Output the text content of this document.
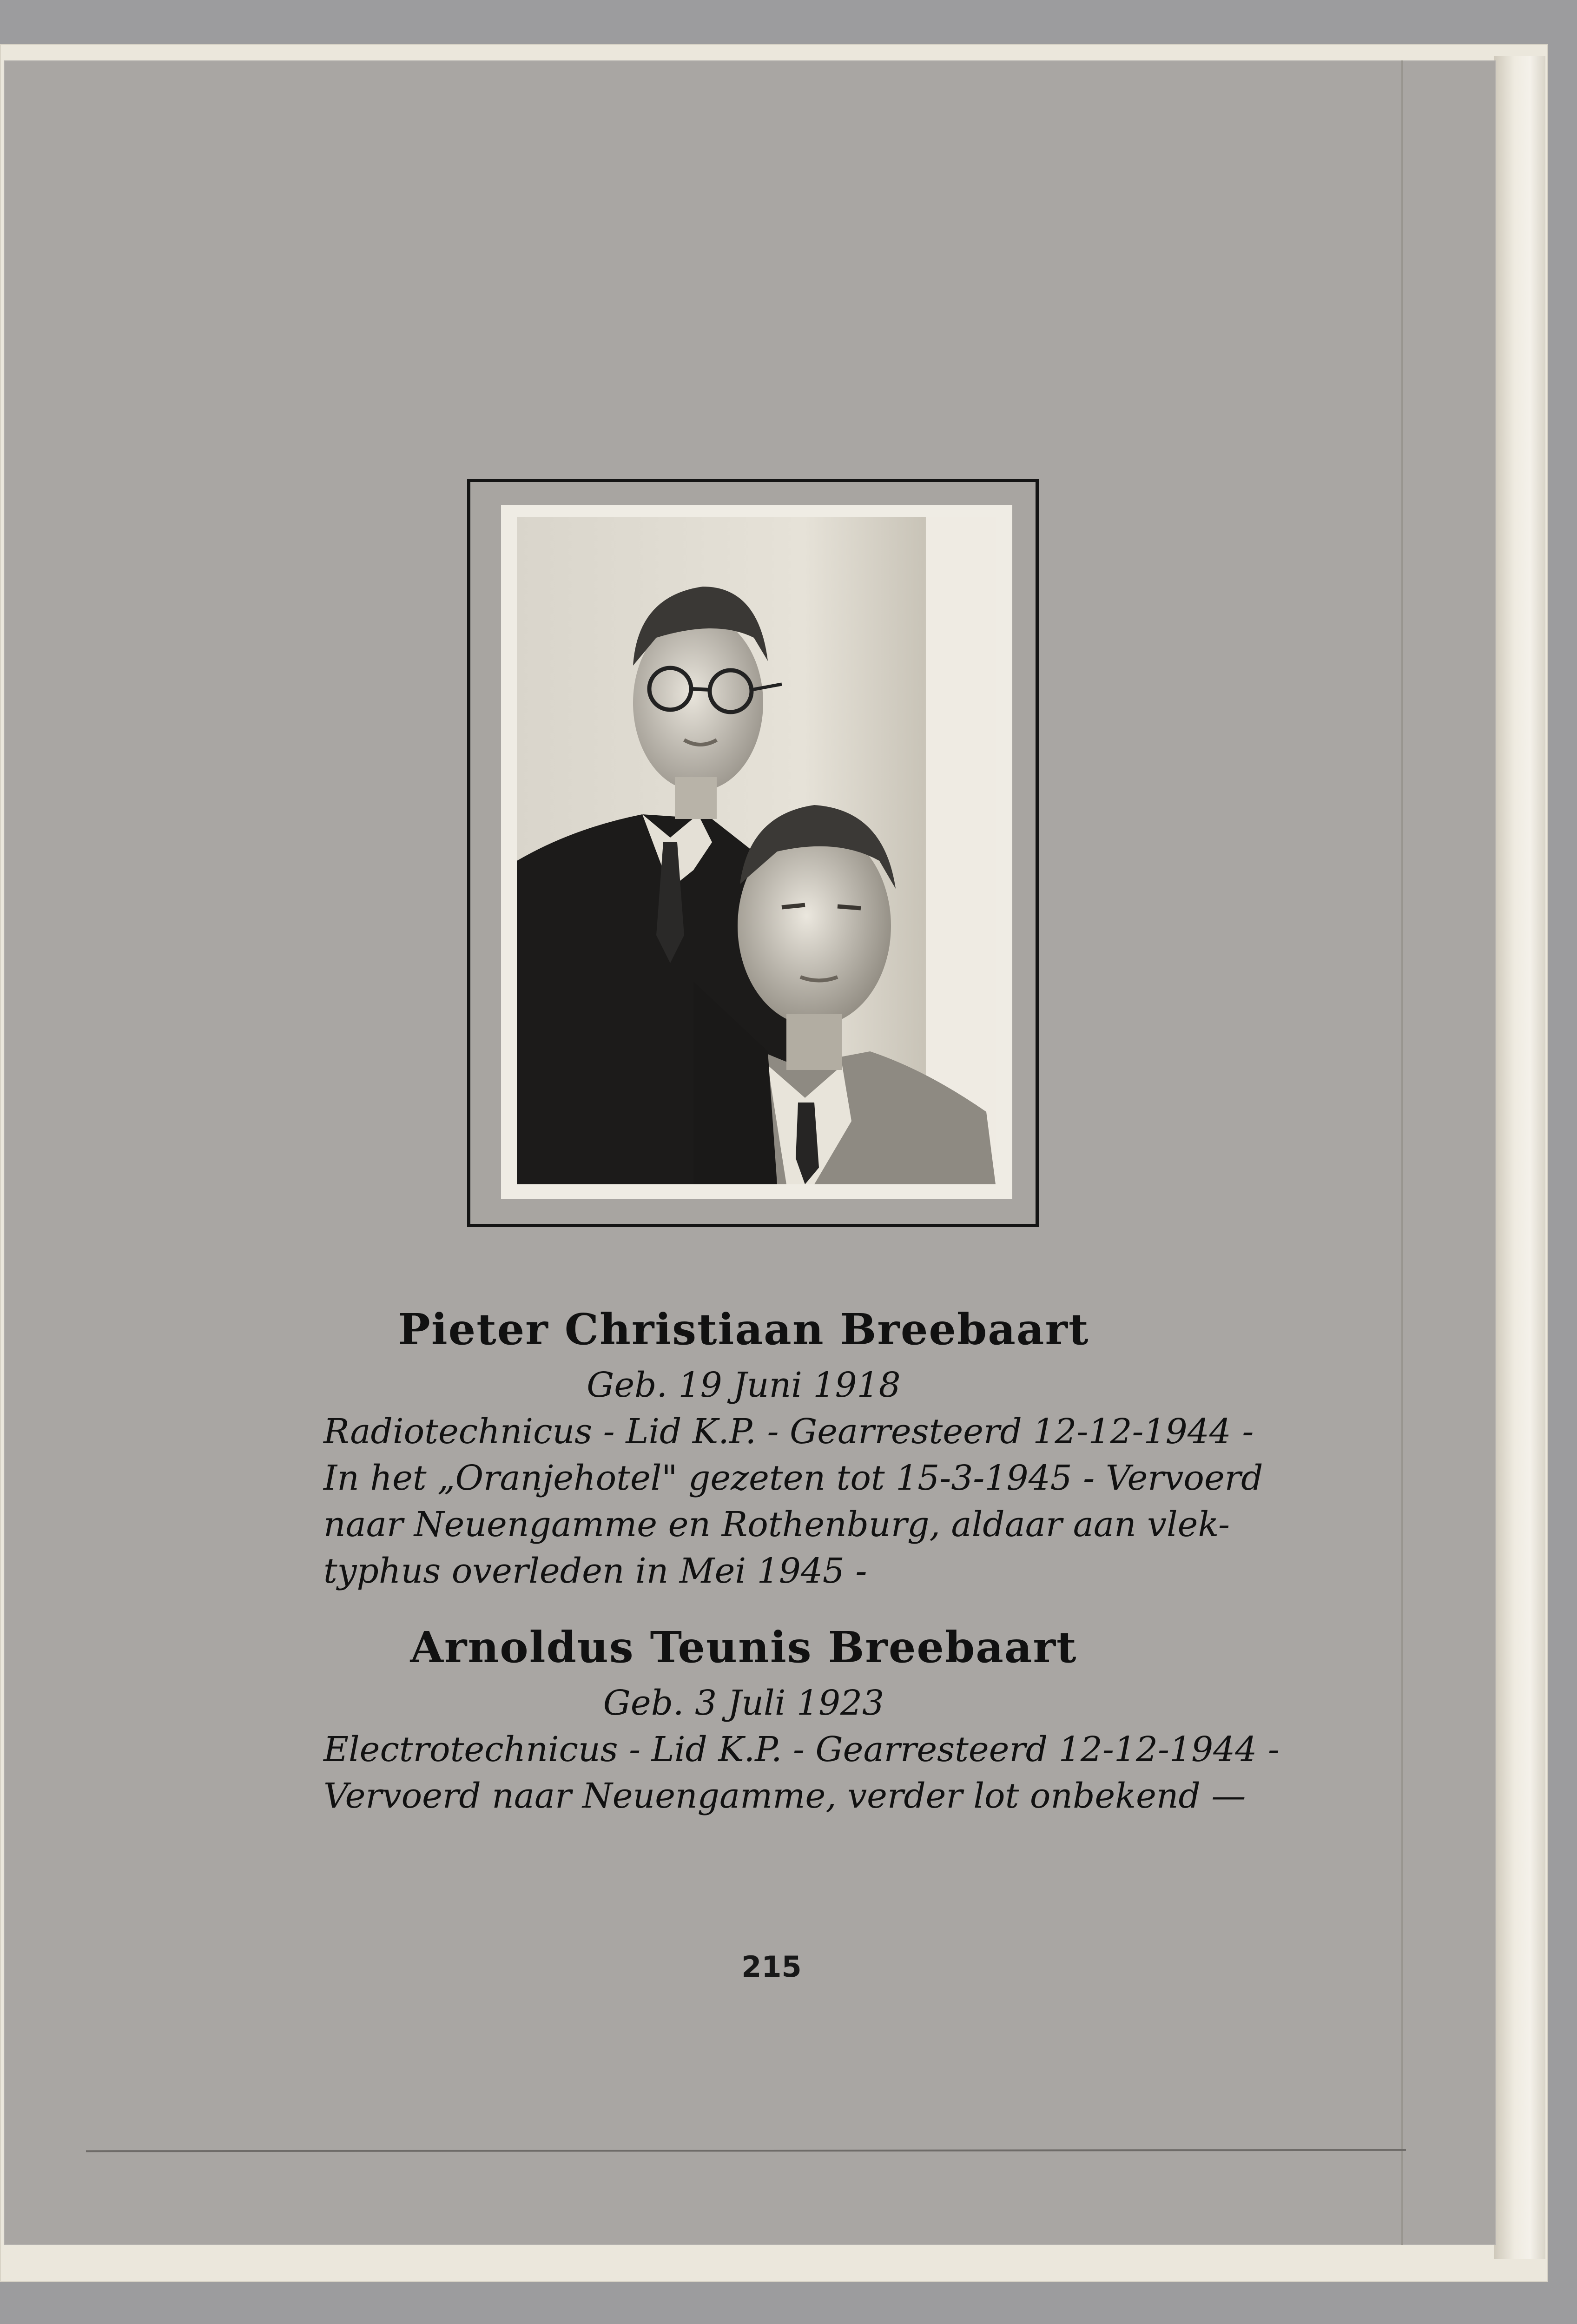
Pieter Christiaan Breebaart
Geb. 19 Juni 1918
Radiotechnicus - Lid K.P. - Gearresteerd 12-12-1944 -
In het „Oranjehotel" gezeten tot 15-3-1945 - Vervoerd
naar Neuengamme en Rothenburg, aldaar aan vlek-
typhus overleden in Mei 1945 -
Arnoldus Teunis Breebaart
Geb. 3 Juli 1923
Electrotechnicus - Lid K.P. - Gearresteerd 12-12-1944 -
Vervoerd naar Neuengamme, verder lot onbekend —
215
